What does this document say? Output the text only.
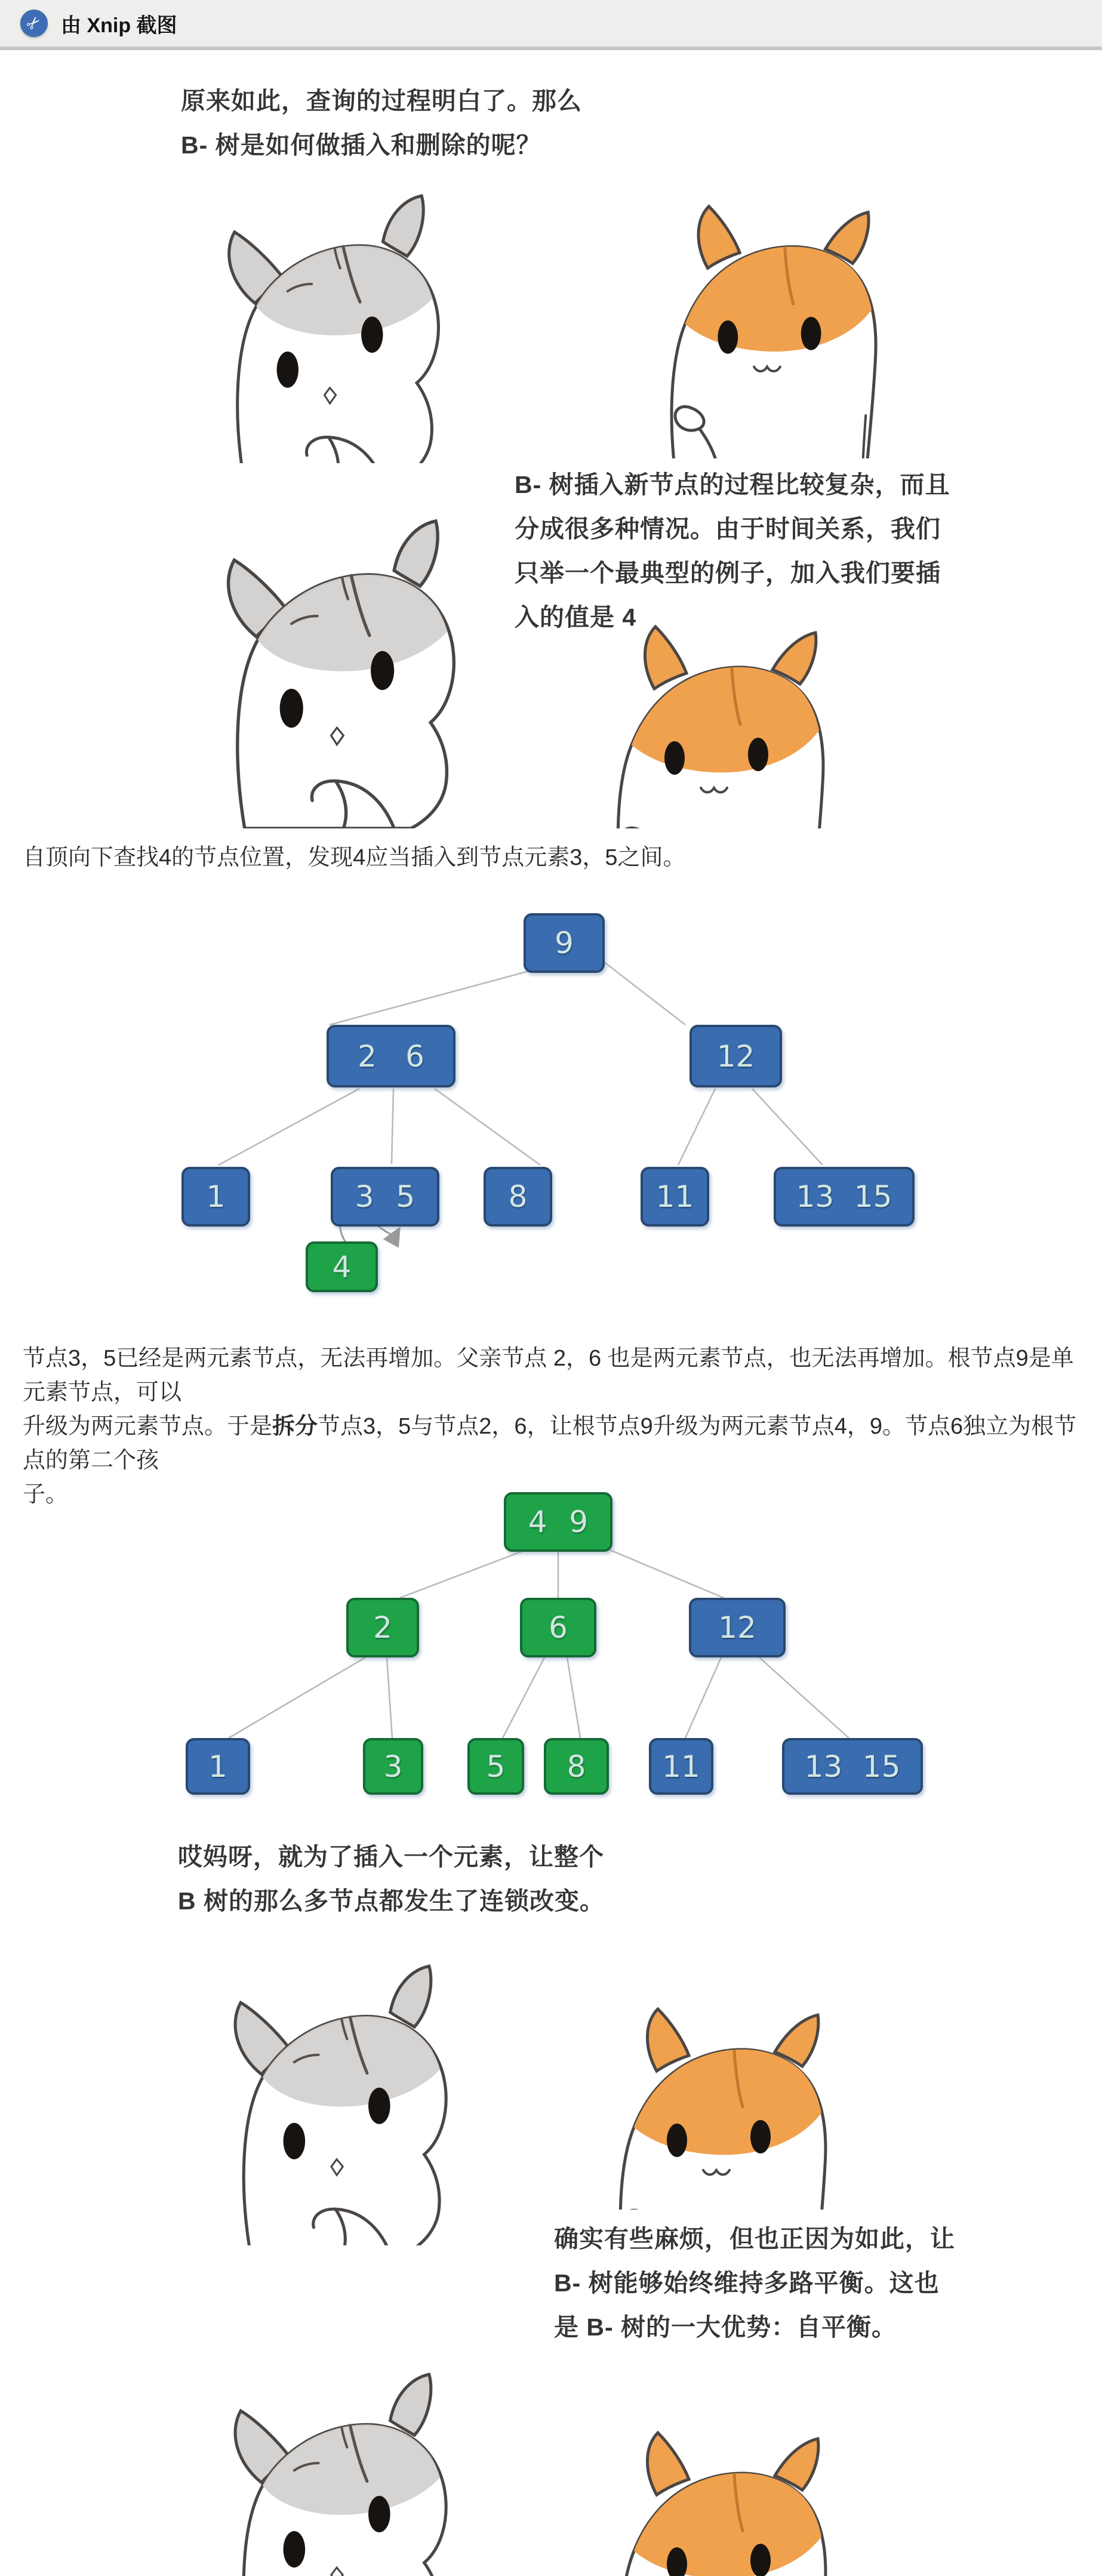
✂ 由 Xnip 截图
原来如此，查询的过程明白了。那么
B- 树是如何做插入和删除的呢？
B- 树插入新节点的过程比较复杂，而且
分成很多种情况。由于时间关系，我们
只举一个最典型的例子，加入我们要插
入的值是 4

自顶向下查找4的节点位置，发现4应当插入到节点元素3，5之间。

9
2 6	12
1	3 5	8	11	13 15
4
节点3，5已经是两元素节点，无法再增加。父亲节点 2，6 也是两元素节点，也无法再增加。根节点9是单元素节点，可以
升级为两元素节点。于是拆分节点3，5与节点2，6，让根节点9升级为两元素节点4，9。节点6独立为根节点的第二个孩
子。
4 9
2	6	12
1	3	5 8	11	13 15
哎妈呀，就为了插入一个元素，让整个
B 树的那么多节点都发生了连锁改变。
确实有些麻烦，但也正因为如此，让
B- 树能够始终维持多路平衡。这也
是 B- 树的一大优势：自平衡。
